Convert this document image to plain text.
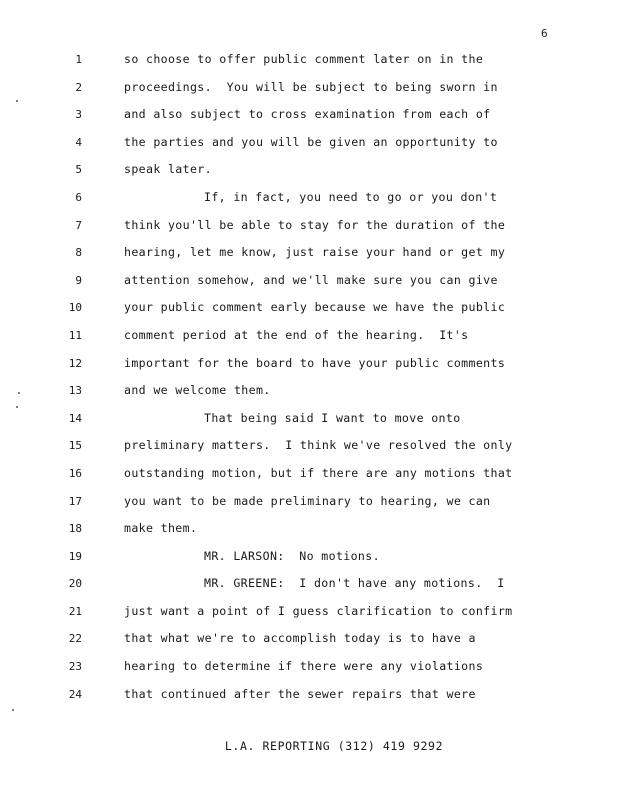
6
1	so choose to offer public comment later on in the
2	proceedings.  You will be subject to being sworn in
3	and also subject to cross examination from each of
4	the parties and you will be given an opportunity to
5	speak later.
6	If, in fact, you need to go or you don't
7	think you'll be able to stay for the duration of the
8	hearing, let me know, just raise your hand or get my
9	attention somehow, and we'll make sure you can give
10	your public comment early because we have the public
11	comment period at the end of the hearing.  It's
12	important for the board to have your public comments
13	and we welcome them.
14	That being said I want to move onto
15	preliminary matters.  I think we've resolved the only
16	outstanding motion, but if there are any motions that
17	you want to be made preliminary to hearing, we can
18	make them.
19	MR. LARSON:  No motions.
20	MR. GREENE:  I don't have any motions.  I
21	just want a point of I guess clarification to confirm
22	that what we're to accomplish today is to have a
23	hearing to determine if there were any violations
24	that continued after the sewer repairs that were
L.A. REPORTING (312) 419 9292
